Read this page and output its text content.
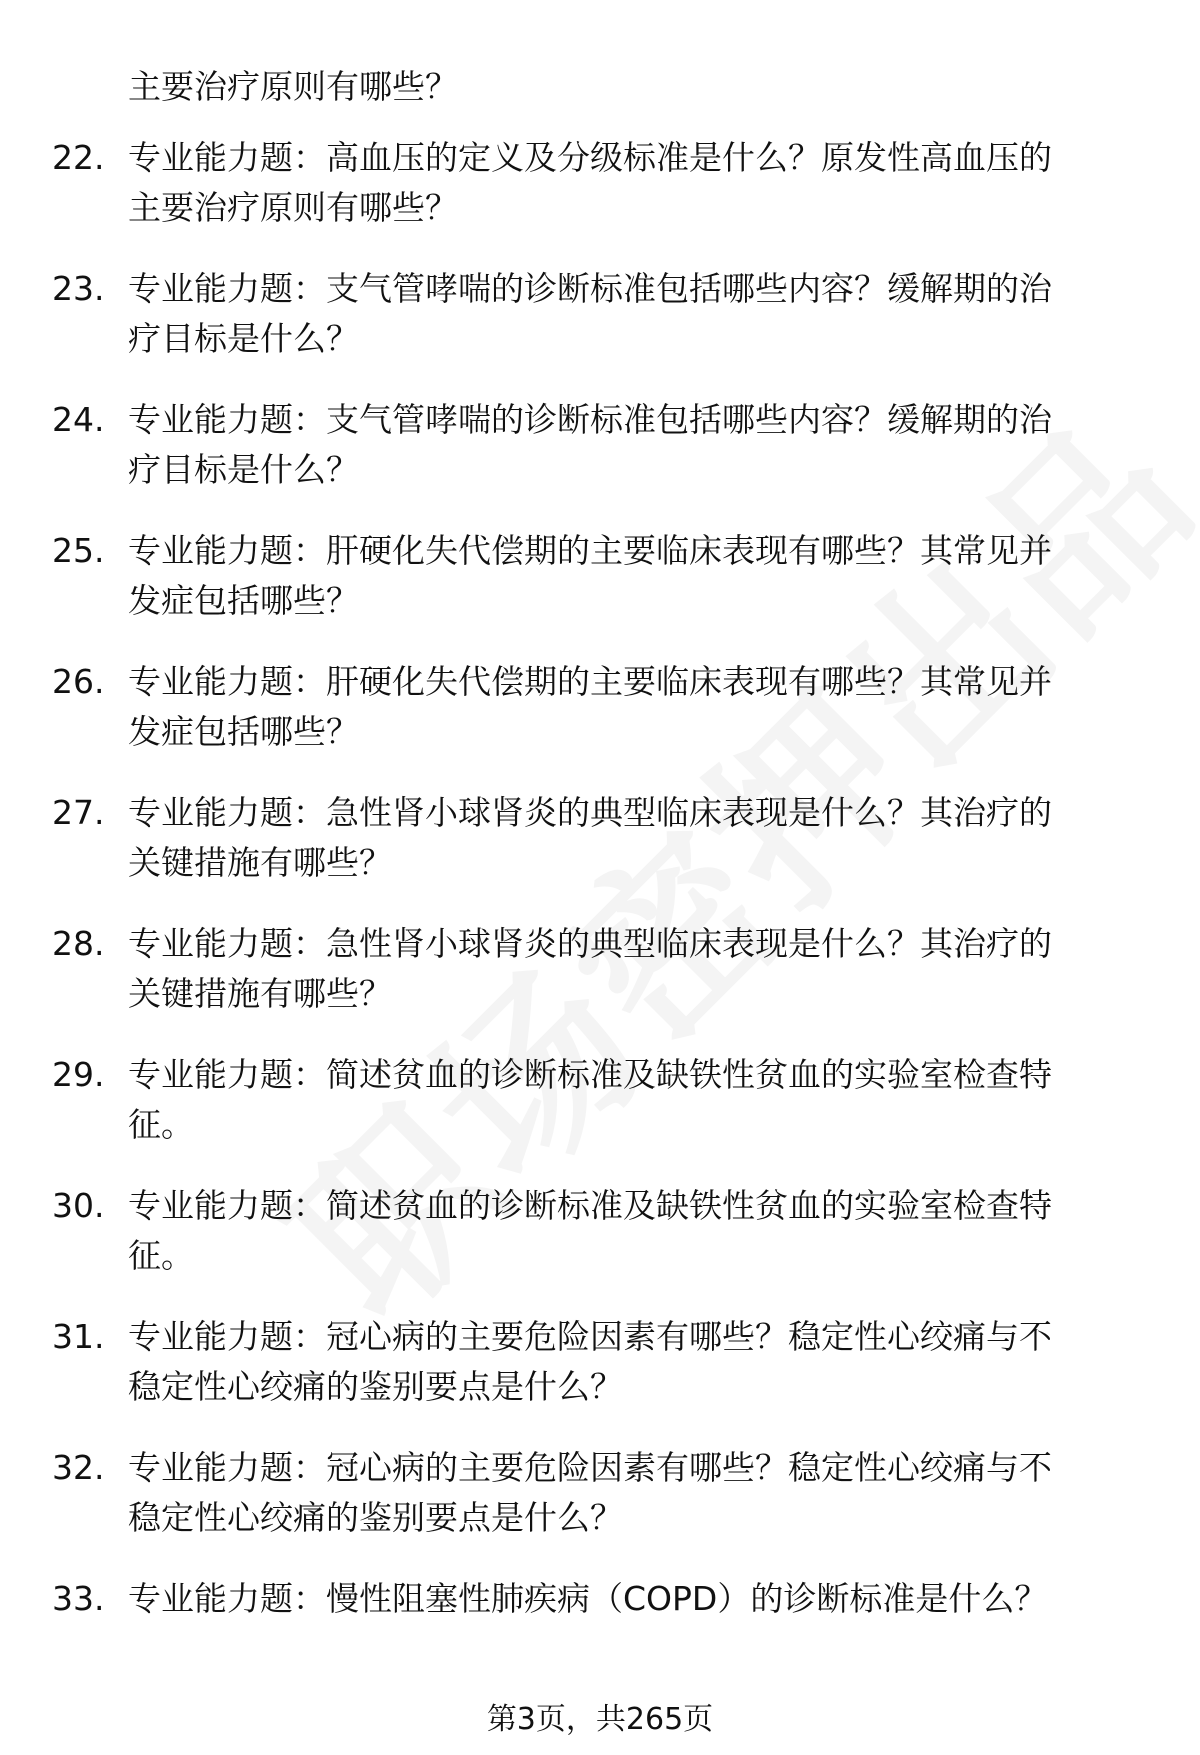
主要治疗原则有哪些？
22. 专业能力题：高血压的定义及分级标准是什么？原发性高血压的
主要治疗原则有哪些？
23. 专业能力题：支气管哮喘的诊断标准包括哪些内容？缓解期的治
疗目标是什么？
24. 专业能力题：支气管哮喘的诊断标准包括哪些内容？缓解期的治
疗目标是什么？
25. 专业能力题：肝硬化失代偿期的主要临床表现有哪些？其常见并
发症包括哪些？
26. 专业能力题：肝硬化失代偿期的主要临床表现有哪些？其常见并
发症包括哪些？
27. 专业能力题：急性肾小球肾炎的典型临床表现是什么？其治疗的
关键措施有哪些？
28. 专业能力题：急性肾小球肾炎的典型临床表现是什么？其治疗的
关键措施有哪些？
29. 专业能力题：简述贫血的诊断标准及缺铁性贫血的实验室检查特
征。
30. 专业能力题：简述贫血的诊断标准及缺铁性贫血的实验室检查特
征。
31. 专业能力题：冠心病的主要危险因素有哪些？稳定性心绞痛与不
稳定性心绞痛的鉴别要点是什么？
32. 专业能力题：冠心病的主要危险因素有哪些？稳定性心绞痛与不
稳定性心绞痛的鉴别要点是什么？
33. 专业能力题：慢性阻塞性肺疾病（COPD）的诊断标准是什么？
第3页，共265页
